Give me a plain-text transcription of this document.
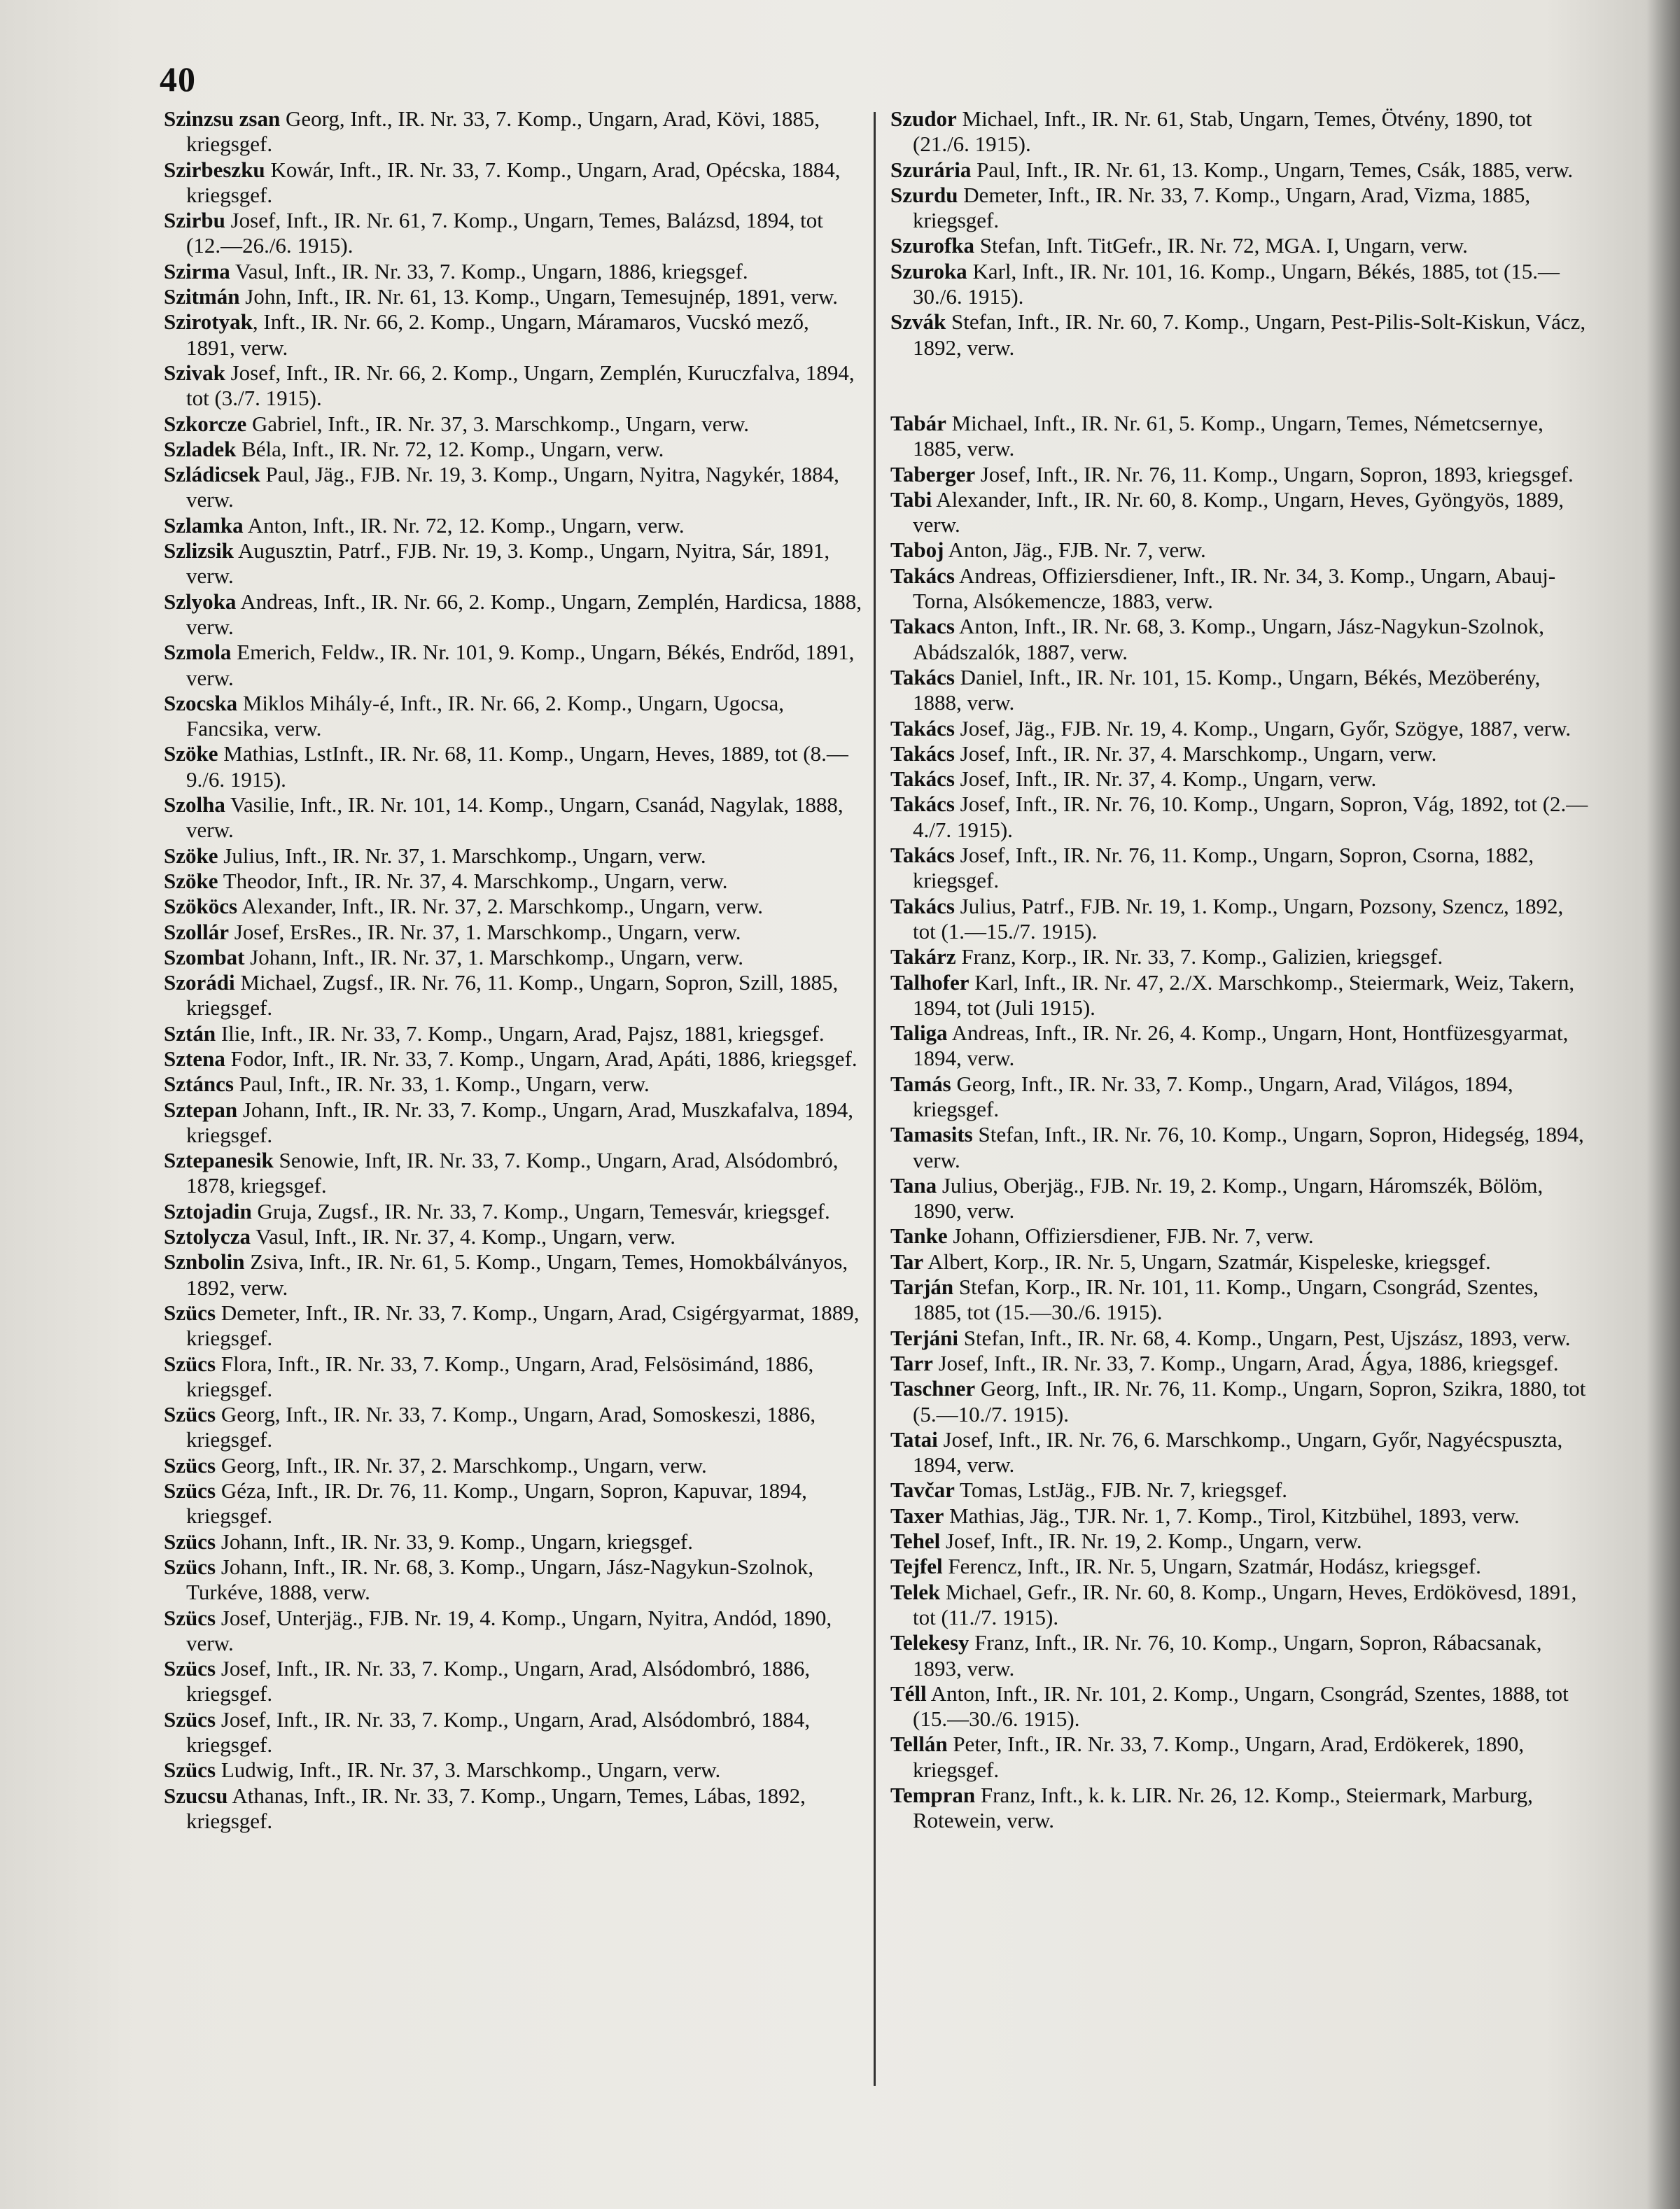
40

Szinzsu zsan Georg, Inft., IR. Nr. 33, 7. Komp., Ungarn, Arad, Kövi, 1885, kriegsgef.

Szirbeszku Kowár, Inft., IR. Nr. 33, 7. Komp., Ungarn, Arad, Opécska, 1884, kriegsgef.

Szirbu Josef, Inft., IR. Nr. 61, 7. Komp., Ungarn, Temes, Balázsd, 1894, tot (12.—26./6. 1915).

Szirma Vasul, Inft., IR. Nr. 33, 7. Komp., Ungarn, 1886, kriegsgef.

Szitmán John, Inft., IR. Nr. 61, 13. Komp., Ungarn, Temesujnép, 1891, verw.

Szirotyak, Inft., IR. Nr. 66, 2. Komp., Ungarn, Máramaros, Vucskó mező, 1891, verw.

Szivak Josef, Inft., IR. Nr. 66, 2. Komp., Ungarn, Zemplén, Kuruczfalva, 1894, tot (3./7. 1915).

Szkorcze Gabriel, Inft., IR. Nr. 37, 3. Marschkomp., Ungarn, verw.

Szladek Béla, Inft., IR. Nr. 72, 12. Komp., Ungarn, verw.

Szládicsek Paul, Jäg., FJB. Nr. 19, 3. Komp., Ungarn, Nyitra, Nagykér, 1884, verw.

Szlamka Anton, Inft., IR. Nr. 72, 12. Komp., Ungarn, verw.

Szlizsik Augusztin, Patrf., FJB. Nr. 19, 3. Komp., Ungarn, Nyitra, Sár, 1891, verw.

Szlyoka Andreas, Inft., IR. Nr. 66, 2. Komp., Ungarn, Zemplén, Hardicsa, 1888, verw.

Szmola Emerich, Feldw., IR. Nr. 101, 9. Komp., Ungarn, Békés, Endrőd, 1891, verw.

Szocska Miklos Mihály-é, Inft., IR. Nr. 66, 2. Komp., Ungarn, Ugocsa, Fancsika, verw.

Szöke Mathias, LstInft., IR. Nr. 68, 11. Komp., Ungarn, Heves, 1889, tot (8.—9./6. 1915).

Szolha Vasilie, Inft., IR. Nr. 101, 14. Komp., Ungarn, Csanád, Nagylak, 1888, verw.

Szöke Julius, Inft., IR. Nr. 37, 1. Marschkomp., Ungarn, verw.

Szöke Theodor, Inft., IR. Nr. 37, 4. Marschkomp., Ungarn, verw.

Szököcs Alexander, Inft., IR. Nr. 37, 2. Marschkomp., Ungarn, verw.

Szollár Josef, ErsRes., IR. Nr. 37, 1. Marschkomp., Ungarn, verw.

Szombat Johann, Inft., IR. Nr. 37, 1. Marschkomp., Ungarn, verw.

Szorádi Michael, Zugsf., IR. Nr. 76, 11. Komp., Ungarn, Sopron, Szill, 1885, kriegsgef.

Sztán Ilie, Inft., IR. Nr. 33, 7. Komp., Ungarn, Arad, Pajsz, 1881, kriegsgef.

Sztena Fodor, Inft., IR. Nr. 33, 7. Komp., Ungarn, Arad, Apáti, 1886, kriegsgef.

Sztáncs Paul, Inft., IR. Nr. 33, 1. Komp., Ungarn, verw.

Sztepan Johann, Inft., IR. Nr. 33, 7. Komp., Ungarn, Arad, Muszkafalva, 1894, kriegsgef.

Sztepanesik Senowie, Inft, IR. Nr. 33, 7. Komp., Ungarn, Arad, Alsódombró, 1878, kriegsgef.

Sztojadin Gruja, Zugsf., IR. Nr. 33, 7. Komp., Ungarn, Temesvár, kriegsgef.

Sztolycza Vasul, Inft., IR. Nr. 37, 4. Komp., Ungarn, verw.

Sznbolin Zsiva, Inft., IR. Nr. 61, 5. Komp., Ungarn, Temes, Homokbálványos, 1892, verw.

Szücs Demeter, Inft., IR. Nr. 33, 7. Komp., Ungarn, Arad, Csigérgyarmat, 1889, kriegsgef.

Szücs Flora, Inft., IR. Nr. 33, 7. Komp., Ungarn, Arad, Felsösimánd, 1886, kriegsgef.

Szücs Georg, Inft., IR. Nr. 33, 7. Komp., Ungarn, Arad, Somoskeszi, 1886, kriegsgef.

Szücs Georg, Inft., IR. Nr. 37, 2. Marschkomp., Ungarn, verw.

Szücs Géza, Inft., IR. Dr. 76, 11. Komp., Ungarn, Sopron, Kapuvar, 1894, kriegsgef.

Szücs Johann, Inft., IR. Nr. 33, 9. Komp., Ungarn, kriegsgef.

Szücs Johann, Inft., IR. Nr. 68, 3. Komp., Ungarn, Jász-Nagykun-Szolnok, Turkéve, 1888, verw.

Szücs Josef, Unterjäg., FJB. Nr. 19, 4. Komp., Ungarn, Nyitra, Andód, 1890, verw.

Szücs Josef, Inft., IR. Nr. 33, 7. Komp., Ungarn, Arad, Alsódombró, 1886, kriegsgef.

Szücs Josef, Inft., IR. Nr. 33, 7. Komp., Ungarn, Arad, Alsódombró, 1884, kriegsgef.

Szücs Ludwig, Inft., IR. Nr. 37, 3. Marschkomp., Ungarn, verw.

Szucsu Athanas, Inft., IR. Nr. 33, 7. Komp., Ungarn, Temes, Lábas, 1892, kriegsgef.

Szudor Michael, Inft., IR. Nr. 61, Stab, Ungarn, Temes, Ötvény, 1890, tot (21./6. 1915).

Szurária Paul, Inft., IR. Nr. 61, 13. Komp., Ungarn, Temes, Csák, 1885, verw.

Szurdu Demeter, Inft., IR. Nr. 33, 7. Komp., Ungarn, Arad, Vizma, 1885, kriegsgef.

Szurofka Stefan, Inft. TitGefr., IR. Nr. 72, MGA. I, Ungarn, verw.

Szuroka Karl, Inft., IR. Nr. 101, 16. Komp., Ungarn, Békés, 1885, tot (15.—30./6. 1915).

Szvák Stefan, Inft., IR. Nr. 60, 7. Komp., Ungarn, Pest-Pilis-Solt-Kiskun, Vácz, 1892, verw.

Tabár Michael, Inft., IR. Nr. 61, 5. Komp., Ungarn, Temes, Németcsernye, 1885, verw.

Taberger Josef, Inft., IR. Nr. 76, 11. Komp., Ungarn, Sopron, 1893, kriegsgef.

Tabi Alexander, Inft., IR. Nr. 60, 8. Komp., Ungarn, Heves, Gyöngyös, 1889, verw.

Taboj Anton, Jäg., FJB. Nr. 7, verw.

Takács Andreas, Offiziersdiener, Inft., IR. Nr. 34, 3. Komp., Ungarn, Abauj-Torna, Alsókemencze, 1883, verw.

Takacs Anton, Inft., IR. Nr. 68, 3. Komp., Ungarn, Jász-Nagykun-Szolnok, Abádszalók, 1887, verw.

Takács Daniel, Inft., IR. Nr. 101, 15. Komp., Ungarn, Békés, Mezöberény, 1888, verw.

Takács Josef, Jäg., FJB. Nr. 19, 4. Komp., Ungarn, Győr, Szögye, 1887, verw.

Takács Josef, Inft., IR. Nr. 37, 4. Marschkomp., Ungarn, verw.

Takács Josef, Inft., IR. Nr. 37, 4. Komp., Ungarn, verw.

Takács Josef, Inft., IR. Nr. 76, 10. Komp., Ungarn, Sopron, Vág, 1892, tot (2.—4./7. 1915).

Takács Josef, Inft., IR. Nr. 76, 11. Komp., Ungarn, Sopron, Csorna, 1882, kriegsgef.

Takács Julius, Patrf., FJB. Nr. 19, 1. Komp., Ungarn, Pozsony, Szencz, 1892, tot (1.—15./7. 1915).

Takárz Franz, Korp., IR. Nr. 33, 7. Komp., Galizien, kriegsgef.

Talhofer Karl, Inft., IR. Nr. 47, 2./X. Marschkomp., Steiermark, Weiz, Takern, 1894, tot (Juli 1915).

Taliga Andreas, Inft., IR. Nr. 26, 4. Komp., Ungarn, Hont, Hontfüzesgyarmat, 1894, verw.

Tamás Georg, Inft., IR. Nr. 33, 7. Komp., Ungarn, Arad, Világos, 1894, kriegsgef.

Tamasits Stefan, Inft., IR. Nr. 76, 10. Komp., Ungarn, Sopron, Hidegség, 1894, verw.

Tana Julius, Oberjäg., FJB. Nr. 19, 2. Komp., Ungarn, Háromszék, Bölöm, 1890, verw.

Tanke Johann, Offiziersdiener, FJB. Nr. 7, verw.

Tar Albert, Korp., IR. Nr. 5, Ungarn, Szatmár, Kispeleske, kriegsgef.

Tarján Stefan, Korp., IR. Nr. 101, 11. Komp., Ungarn, Csongrád, Szentes, 1885, tot (15.—30./6. 1915).

Terjáni Stefan, Inft., IR. Nr. 68, 4. Komp., Ungarn, Pest, Ujszász, 1893, verw.

Tarr Josef, Inft., IR. Nr. 33, 7. Komp., Ungarn, Arad, Ágya, 1886, kriegsgef.

Taschner Georg, Inft., IR. Nr. 76, 11. Komp., Ungarn, Sopron, Szikra, 1880, tot (5.—10./7. 1915).

Tatai Josef, Inft., IR. Nr. 76, 6. Marschkomp., Ungarn, Győr, Nagyécspuszta, 1894, verw.

Tavčar Tomas, LstJäg., FJB. Nr. 7, kriegsgef.

Taxer Mathias, Jäg., TJR. Nr. 1, 7. Komp., Tirol, Kitzbühel, 1893, verw.

Tehel Josef, Inft., IR. Nr. 19, 2. Komp., Ungarn, verw.

Tejfel Ferencz, Inft., IR. Nr. 5, Ungarn, Szatmár, Hodász, kriegsgef.

Telek Michael, Gefr., IR. Nr. 60, 8. Komp., Ungarn, Heves, Erdökövesd, 1891, tot (11./7. 1915).

Telekesy Franz, Inft., IR. Nr. 76, 10. Komp., Ungarn, Sopron, Rábacsanak, 1893, verw.

Téll Anton, Inft., IR. Nr. 101, 2. Komp., Ungarn, Csongrád, Szentes, 1888, tot (15.—30./6. 1915).

Tellán Peter, Inft., IR. Nr. 33, 7. Komp., Ungarn, Arad, Erdökerek, 1890, kriegsgef.

Tempran Franz, Inft., k. k. LIR. Nr. 26, 12. Komp., Steiermark, Marburg, Rotewein, verw.
